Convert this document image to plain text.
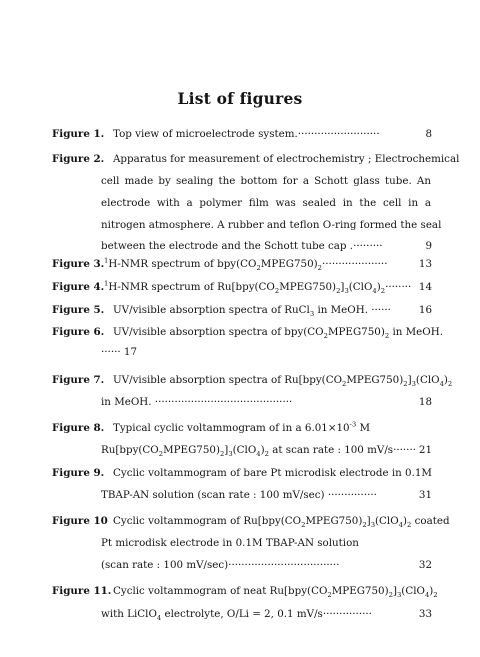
List of figures
Figure 1. Top view of microelectrode system.·························	8
Figure 2. Apparatus for measurement of electrochemistry ; Electrochemical
cell made by sealing the bottom for a Schott glass tube. An
electrode with a polymer film was sealed in the cell in a
nitrogen atmosphere. A rubber and teflon O-ring formed the seal
between the electrode and the Schott tube cap .·········	9
Figure 3. $^1$H-NMR spectrum of $bpy(CO_2MPEG750)_2\cdot\cdot\cdot\cdot\cdot\cdot\cdot\cdot\cdot\cdot\cdot\cdot\cdot\cdot\cdot\cdot\cdot\cdot\cdot\cdot$	13
Figure 4. $^1$H-NMR spectrum of $Ru[bpy(CO_2MPEG750)_2]_3(ClO_4)_2\cdot\cdot\cdot\cdot\cdot\cdot\cdot\cdot 14$
Figure 5. UV/visible absorption spectra of RuCl$_3$ in MeOH. ······	16
Figure 6. UV/visible absorption spectra of $bpy(CO_2MPEG750)_2$ in MeOH.
······ 17
Figure 7. UV/visible absorption spectra of $Ru[bpy(CO_2MPEG750)_2]_3(ClO_4)_2$
in MeOH. ··········································	18
Figure 8. Typical cyclic voltammogram of in a $6.01\times 10^{-3}$ M
$Ru[bpy(CO_2MPEG750)_2]_3(ClO_4)_2$ at scan rate : 100 mV/s······· 21
Figure 9. Cyclic voltammogram of bare Pt microdisk electrode in 0.1M
TBAP-AN solution (scan rate : 100 mV/sec) ···············	31
Figure 10 Cyclic voltammogram of $Ru[bpy(CO_2MPEG750)_2]_3(ClO_4)_2$ coated
Pt microdisk electrode in 0.1M TBAP-AN solution
(scan rate : 100 mV/sec)··································	32
Figure 11. Cyclic voltammogram of neat $Ru[bpy(CO_2MPEG750)_2]_3(ClO_4)_2$
with LiClO$_4$ electrolyte, O/Li = 2, 0.1 mV/s···············	33
